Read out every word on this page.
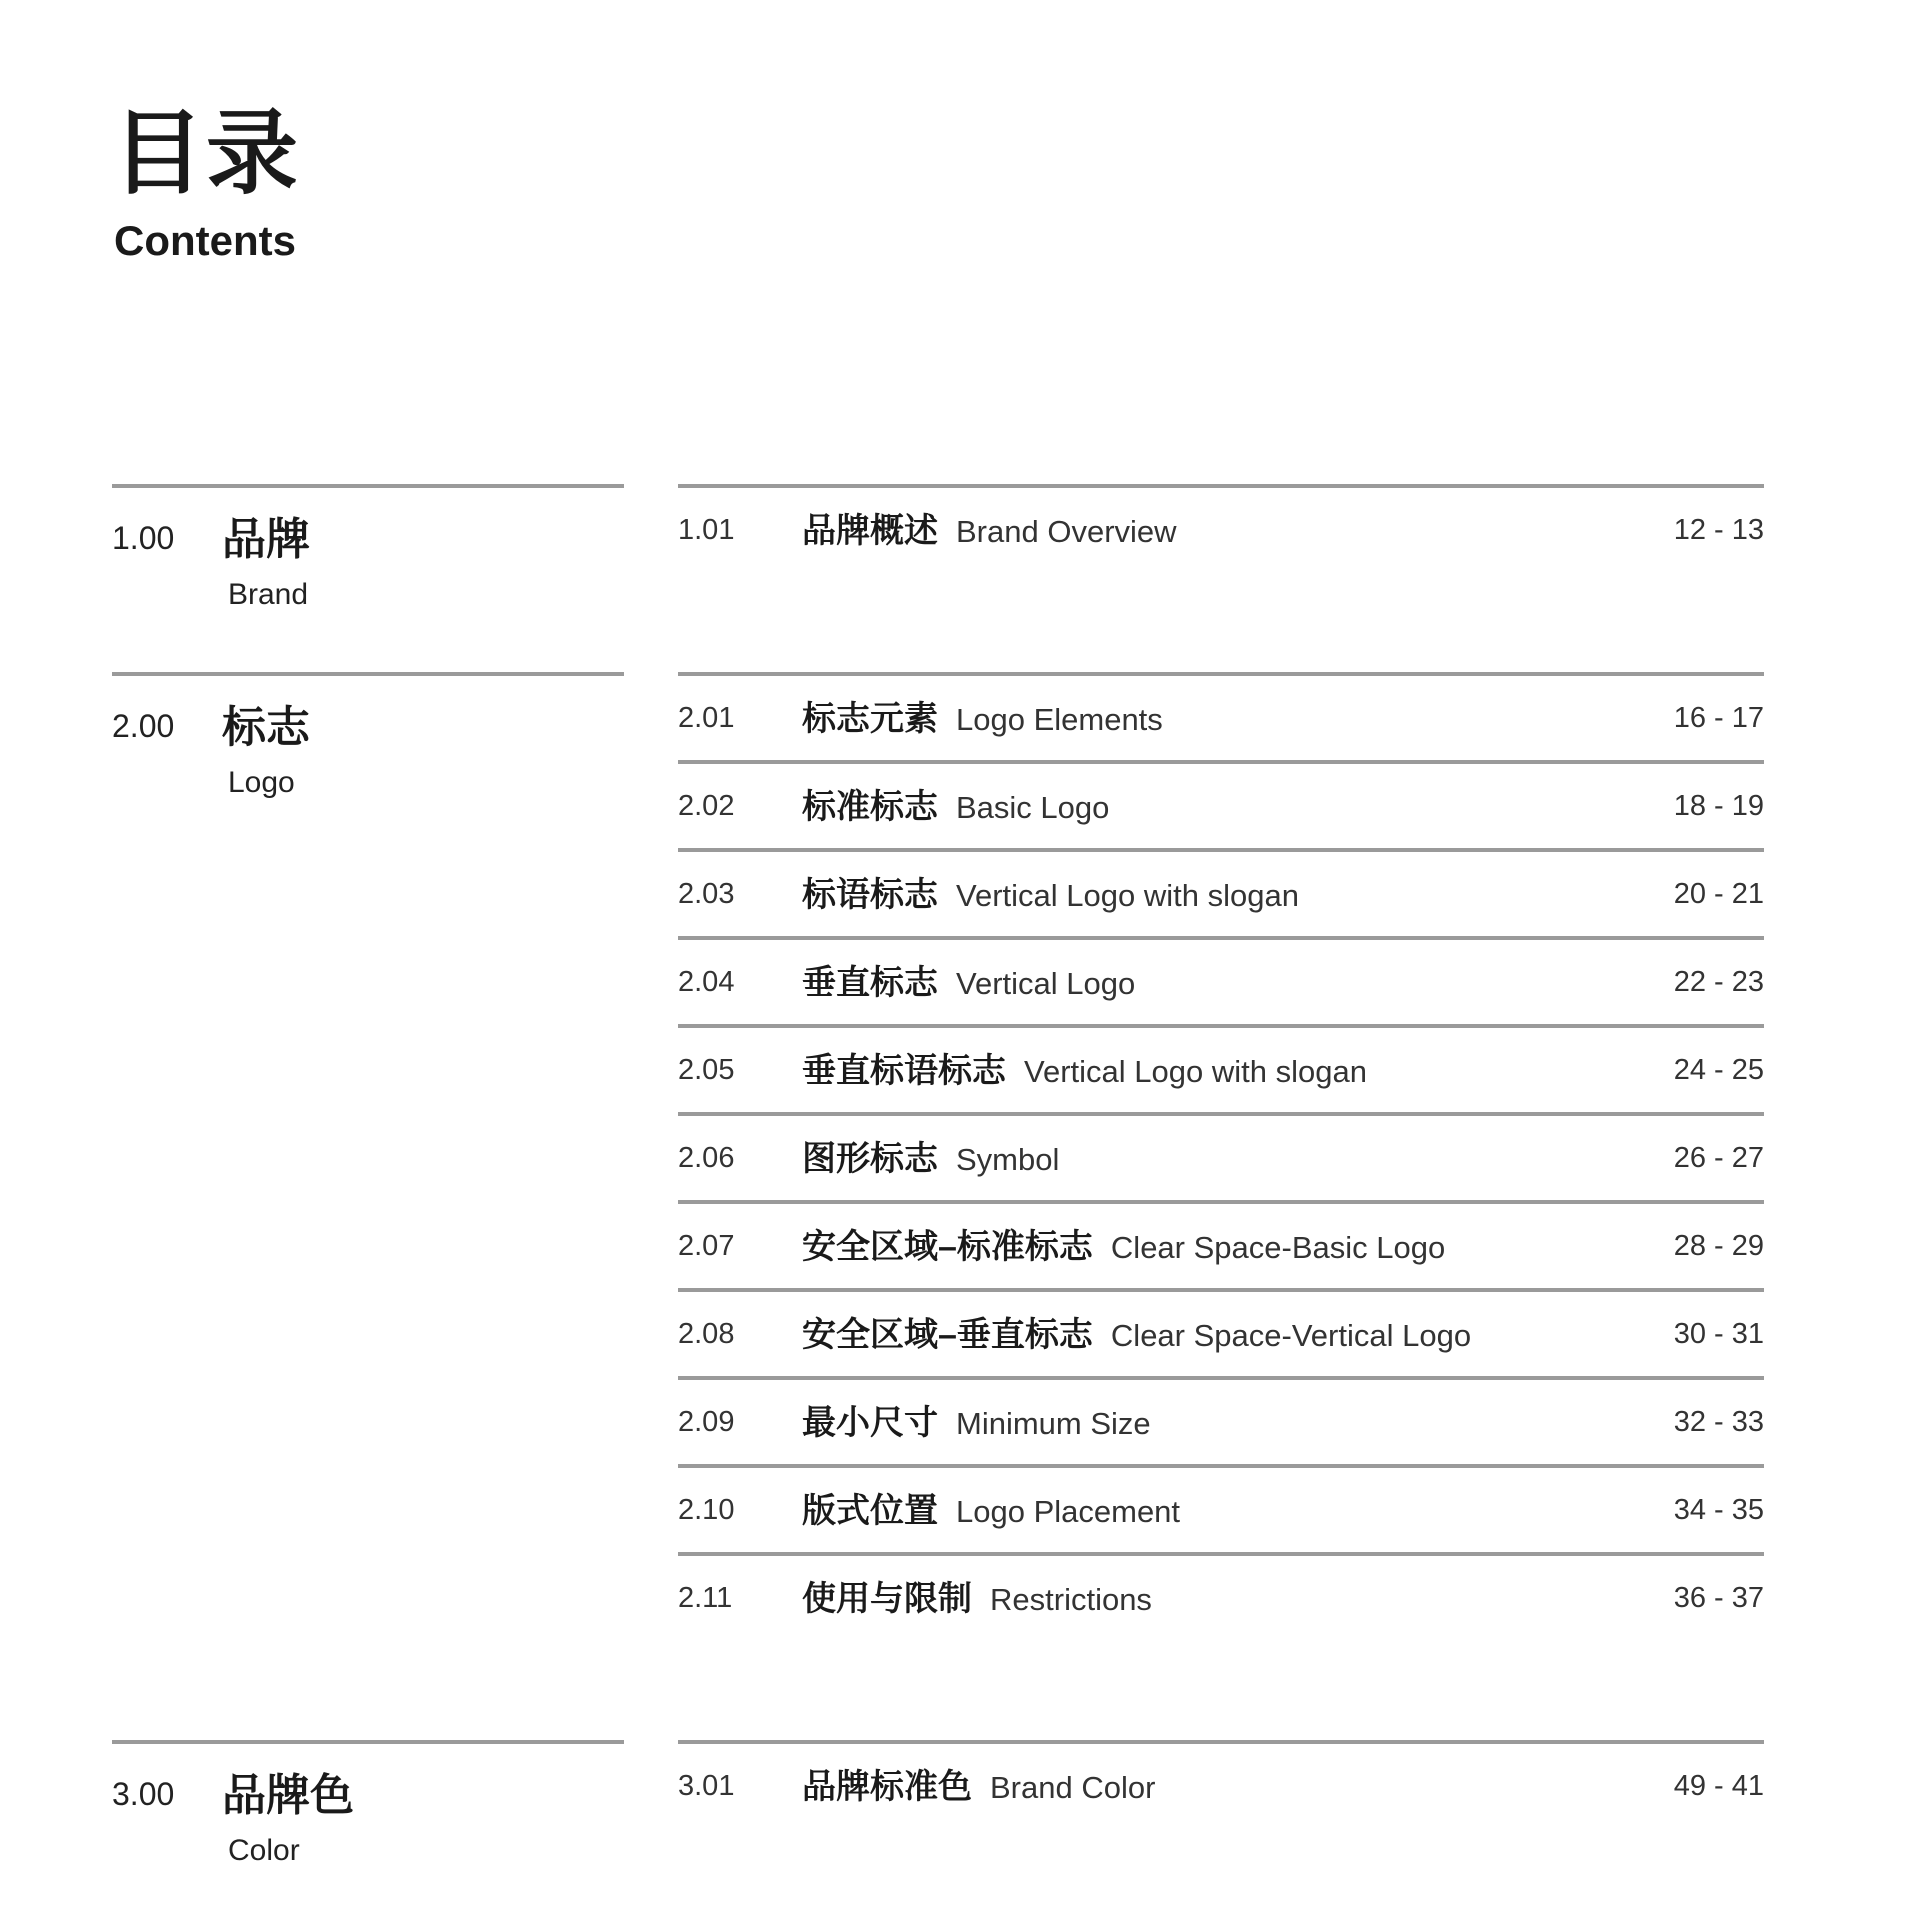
目录
Contents
1.00 品牌
Brand
1.01 品牌概述 Brand Overview	12 - 13
2.00 标志
Logo
2.01 标志元素 Logo Elements	16 - 17
2.02 标准标志 Basic Logo	18 - 19
2.03 标语标志 Vertical Logo with slogan	20 - 21
2.04 垂直标志 Vertical Logo	22 - 23
2.05 垂直标语标志 Vertical Logo with slogan	24 - 25
2.06 图形标志 Symbol	26 - 27
2.07 安全区域–标准标志 Clear Space-Basic Logo	28 - 29
2.08 安全区域–垂直标志 Clear Space-Vertical Logo	30 - 31
2.09 最小尺寸 Minimum Size	32 - 33
2.10 版式位置 Logo Placement	34 - 35
2.11 使用与限制 Restrictions	36 - 37
3.00 品牌色
Color
3.01 品牌标准色 Brand Color	49 - 41
